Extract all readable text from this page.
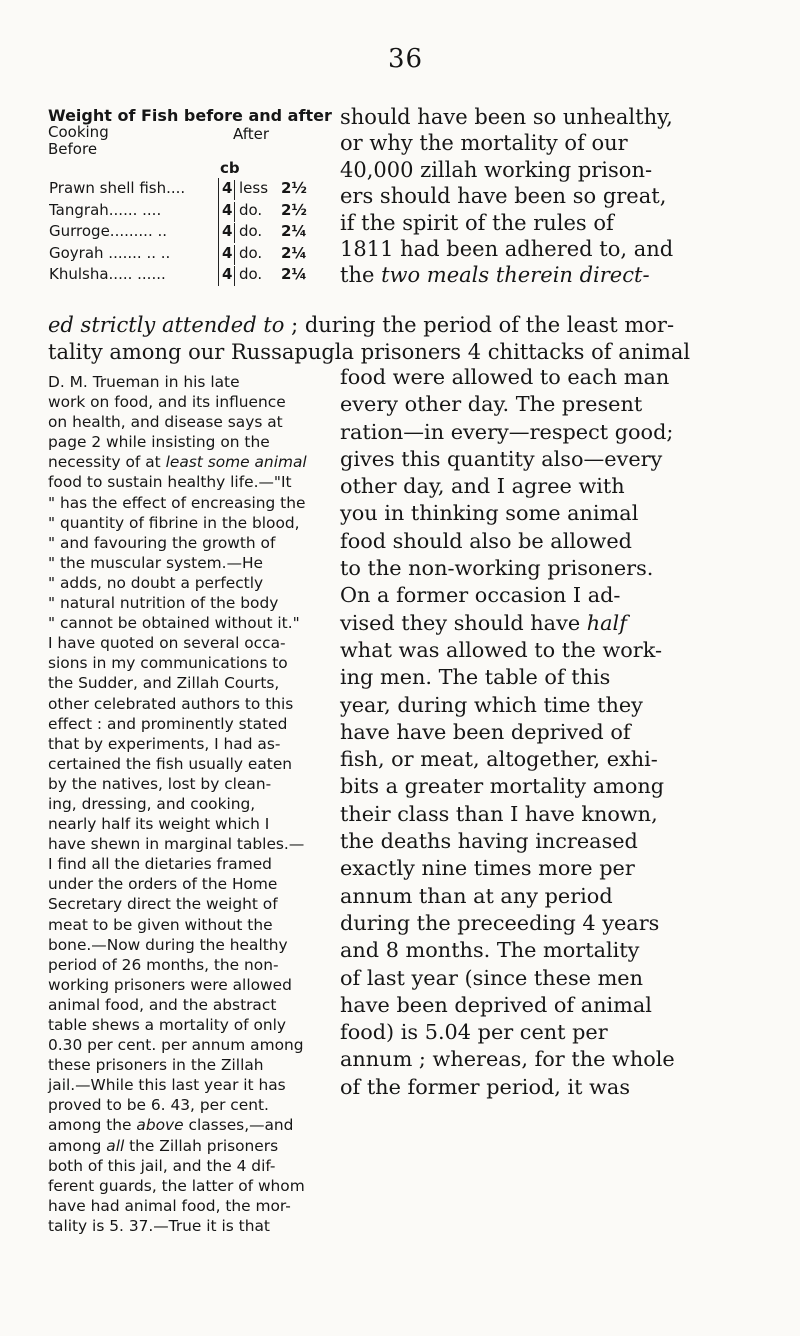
36
Weight of Fish before and after
Cooking
Before
After
cb
Prawn shell fish....	4 less 2½
Tangrah...... ....	4 do. 2½
Gurroge......... ..	4 do. 2¼
Goyrah ....... .. ..	4 do. 2¼
Khulsha..... ......	4 do. 2¼
should have been so unhealthy,
or why the mortality of our
40,000 zillah working prison-
ers should have been so great,
if the spirit of the rules of
1811 had been adhered to, and
the two meals therein direct-
ed strictly attended to ; during the period of the least mor-
tality among our Russapugla prisoners 4 chittacks of animal
D. M. Trueman in his late
work on food, and its influence
on health, and disease says at
page 2 while insisting on the
necessity of at least some animal
food to sustain healthy life.—"It
" has the effect of encreasing the
" quantity of fibrine in the blood,
" and favouring the growth of
" the muscular system.—He
" adds, no doubt a perfectly
" natural nutrition of the body
" cannot be obtained without it."
I have quoted on several occa-
sions in my communications to
the Sudder, and Zillah Courts,
other celebrated authors to this
effect : and prominently stated
that by experiments, I had as-
certained the fish usually eaten
by the natives, lost by clean-
ing, dressing, and cooking,
nearly half its weight which I
have shewn in marginal tables.—
I find all the dietaries framed
under the orders of the Home
Secretary direct the weight of
meat to be given without the
bone.—Now during the healthy
period of 26 months, the non-
working prisoners were allowed
animal food, and the abstract
table shews a mortality of only
0.30 per cent. per annum among
these prisoners in the Zillah
jail.—While this last year it has
proved to be 6. 43, per cent.
among the above classes,—and
among all the Zillah prisoners
both of this jail, and the 4 dif-
ferent guards, the latter of whom
have had animal food, the mor-
tality is 5. 37.—True it is that
food were allowed to each man
every other day. The present
ration—in every—respect good;
gives this quantity also—every
other day, and I agree with
you in thinking some animal
food should also be allowed
to the non-working prisoners.
On a former occasion I ad-
vised they should have half
what was allowed to the work-
ing men. The table of this
year, during which time they
have have been deprived of
fish, or meat, altogether, exhi-
bits a greater mortality among
their class than I have known,
the deaths having increased
exactly nine times more per
annum than at any period
during the preceeding 4 years
and 8 months. The mortality
of last year (since these men
have been deprived of animal
food) is 5.04 per cent per
annum ; whereas, for the whole
of the former period, it was
